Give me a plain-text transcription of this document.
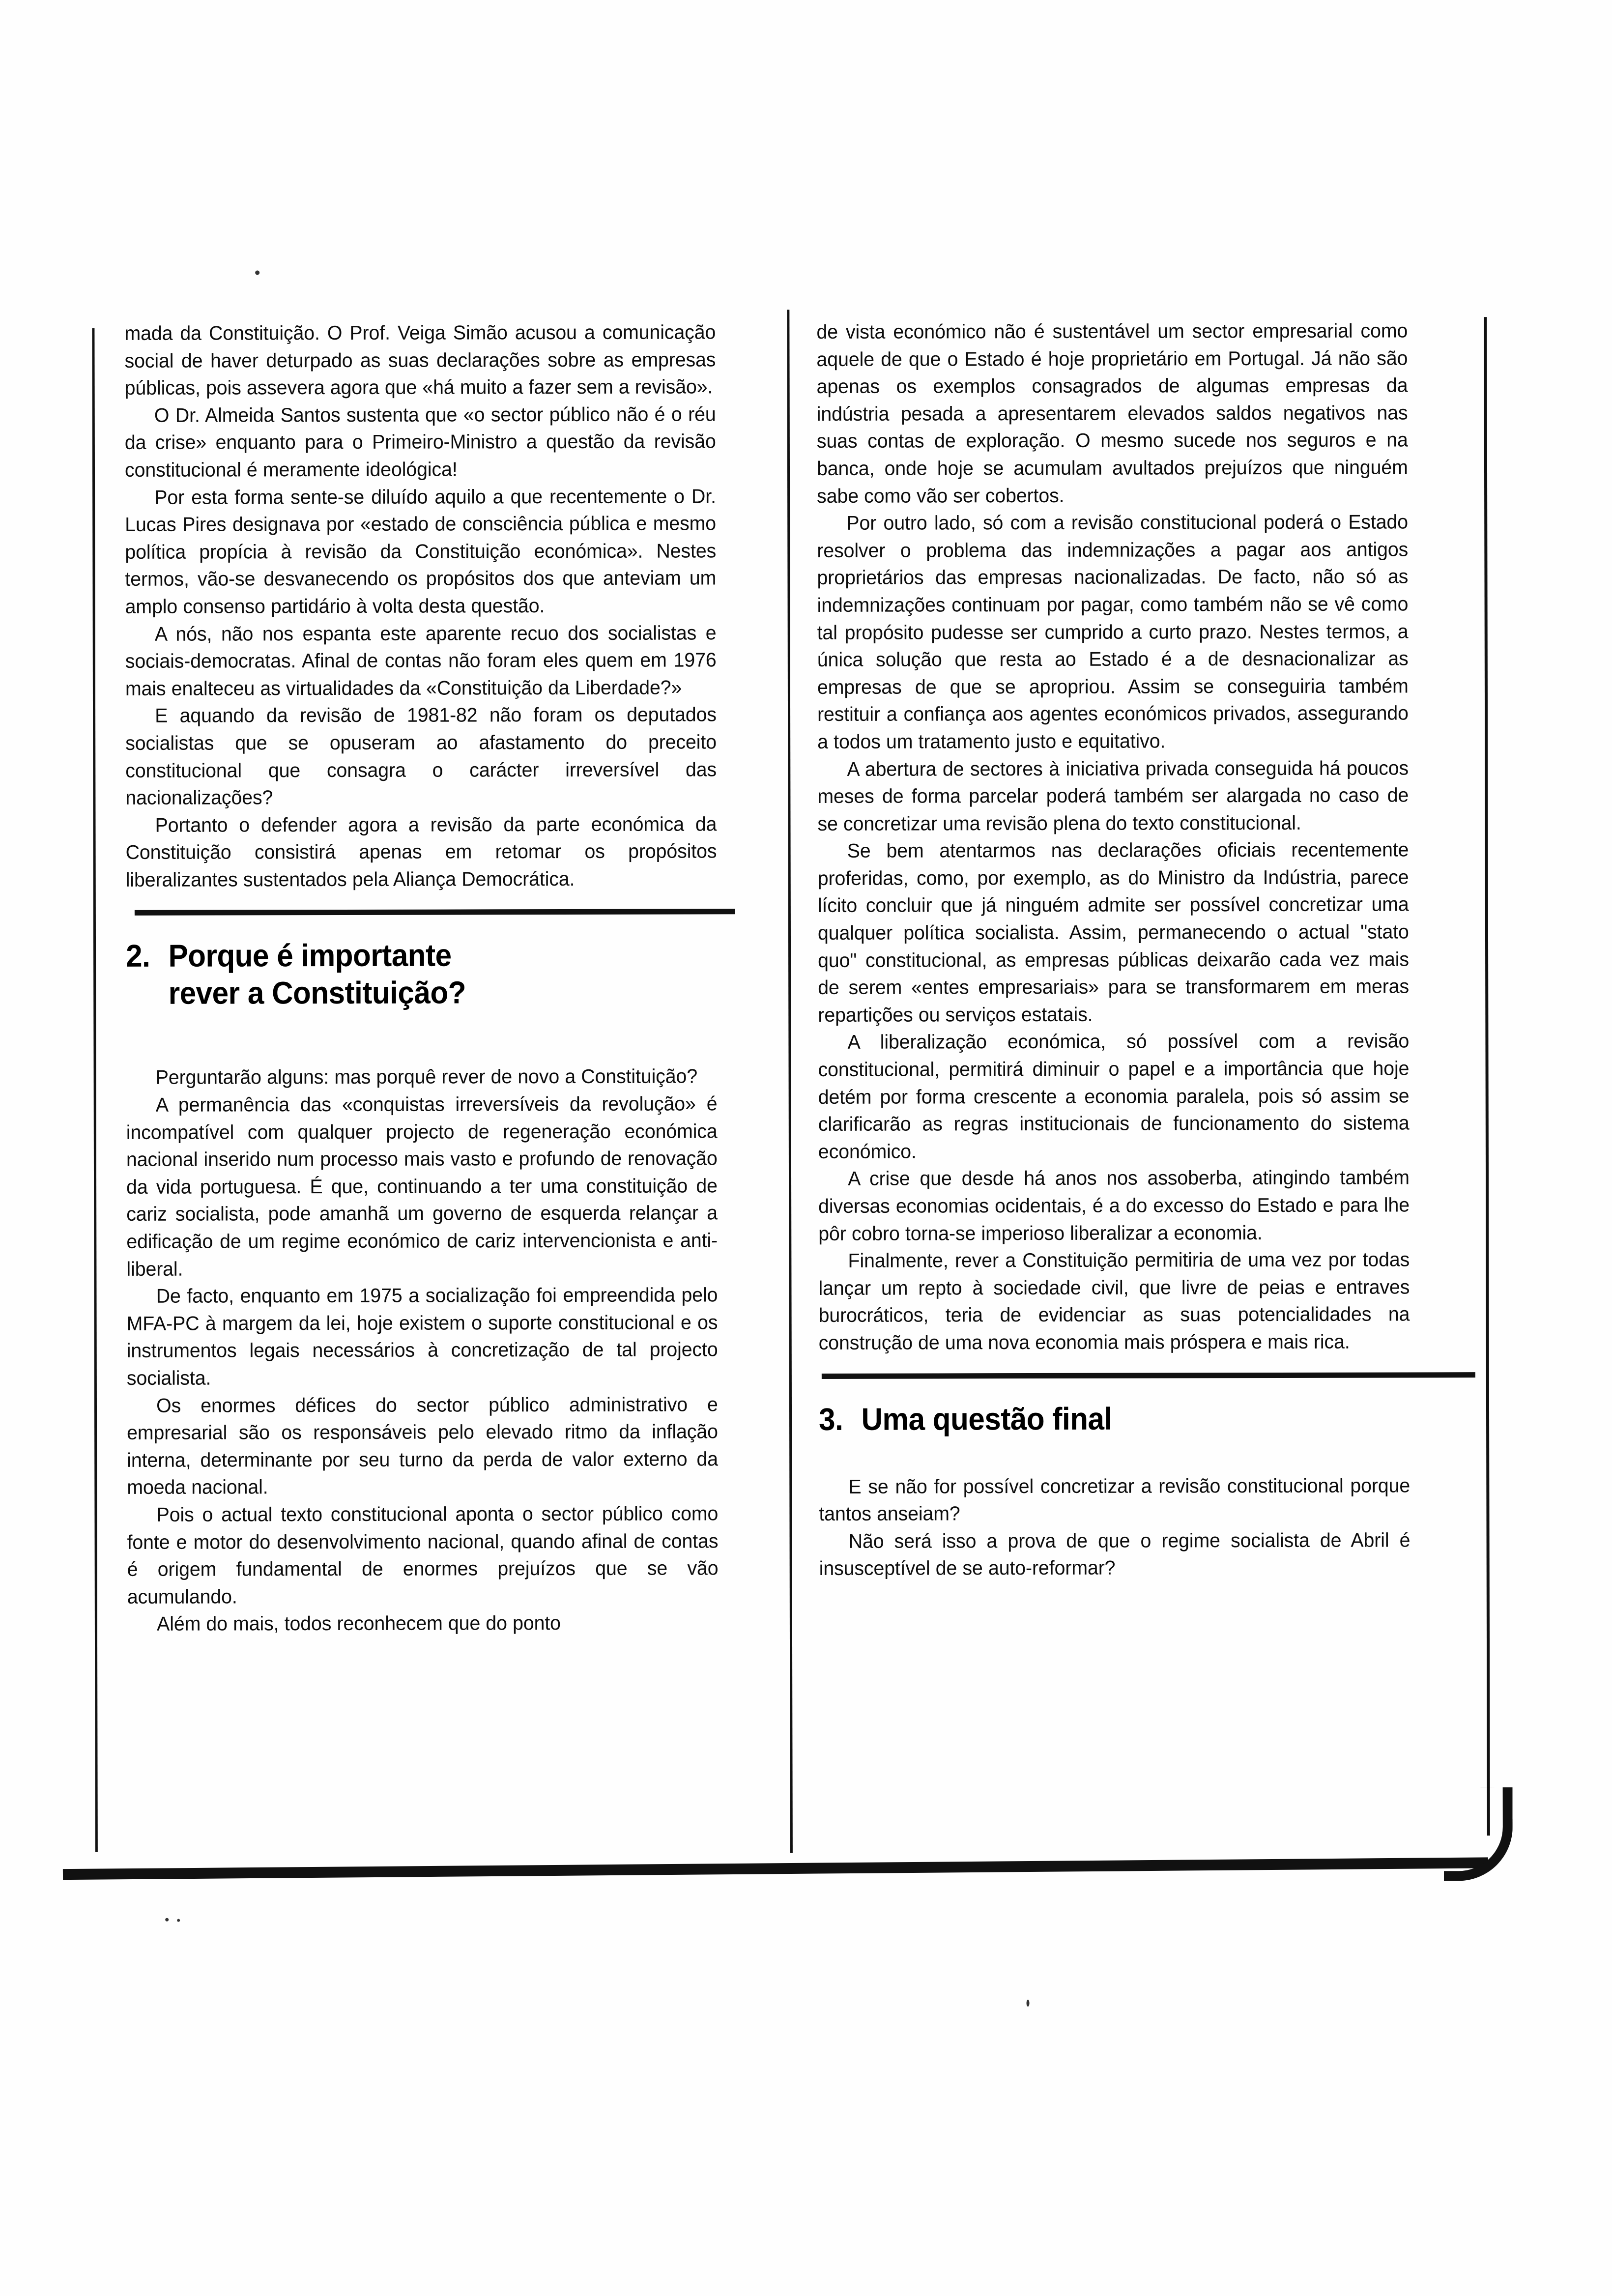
mada da Constituição. O Prof. Veiga Simão acusou a comunicação social de haver deturpado as suas declarações sobre as empresas públicas, pois assevera agora que «há muito a fazer sem a revisão».

O Dr. Almeida Santos sustenta que «o sector público não é o réu da crise» enquanto para o Primeiro-Ministro a questão da revisão constitucional é meramente ideológica!

Por esta forma sente-se diluído aquilo a que recentemente o Dr. Lucas Pires designava por «estado de consciência pública e mesmo política propícia à revisão da Constituição económica». Nestes termos, vão-se desvanecendo os propósitos dos que anteviam um amplo consenso partidário à volta desta questão.

A nós, não nos espanta este aparente recuo dos socialistas e sociais-democratas. Afinal de contas não foram eles quem em 1976 mais enalteceu as virtualidades da «Constituição da Liberdade?»

E aquando da revisão de 1981-82 não foram os deputados socialistas que se opuseram ao afastamento do preceito constitucional que consagra o carácter irreversível das nacionalizações?

Portanto o defender agora a revisão da parte económica da Constituição consistirá apenas em retomar os propósitos liberalizantes sustentados pela Aliança Democrática.

2. Porque é importante
rever a Constituição?

Perguntarão alguns: mas porquê rever de novo a Constituição?

A permanência das «conquistas irreversíveis da revolução» é incompatível com qualquer projecto de regeneração económica nacional inserido num processo mais vasto e profundo de renovação da vida portuguesa. É que, continuando a ter uma constituição de cariz socialista, pode amanhã um governo de esquerda relançar a edificação de um regime económico de cariz intervencionista e anti-liberal.

De facto, enquanto em 1975 a socialização foi empreendida pelo MFA-PC à margem da lei, hoje existem o suporte constitucional e os instrumentos legais necessários à concretização de tal projecto socialista.

Os enormes défices do sector público administrativo e empresarial são os responsáveis pelo elevado ritmo da inflação interna, determinante por seu turno da perda de valor externo da moeda nacional.

Pois o actual texto constitucional aponta o sector público como fonte e motor do desenvolvimento nacional, quando afinal de contas é origem fundamental de enormes prejuízos que se vão acumulando.

Além do mais, todos reconhecem que do ponto

de vista económico não é sustentável um sector empresarial como aquele de que o Estado é hoje proprietário em Portugal. Já não são apenas os exemplos consagrados de algumas empresas da indústria pesada a apresentarem elevados saldos negativos nas suas contas de exploração. O mesmo sucede nos seguros e na banca, onde hoje se acumulam avultados prejuízos que ninguém sabe como vão ser cobertos.

Por outro lado, só com a revisão constitucional poderá o Estado resolver o problema das indemnizações a pagar aos antigos proprietários das empresas nacionalizadas. De facto, não só as indemnizações continuam por pagar, como também não se vê como tal propósito pudesse ser cumprido a curto prazo. Nestes termos, a única solução que resta ao Estado é a de desnacionalizar as empresas de que se apropriou. Assim se conseguiria também restituir a confiança aos agentes económicos privados, assegurando a todos um tratamento justo e equitativo.

A abertura de sectores à iniciativa privada conseguida há poucos meses de forma parcelar poderá também ser alargada no caso de se concretizar uma revisão plena do texto constitucional.

Se bem atentarmos nas declarações oficiais recentemente proferidas, como, por exemplo, as do Ministro da Indústria, parece lícito concluir que já ninguém admite ser possível concretizar uma qualquer política socialista. Assim, permanecendo o actual "stato quo" constitucional, as empresas públicas deixarão cada vez mais de serem «entes empresariais» para se transformarem em meras repartições ou serviços estatais.

A liberalização económica, só possível com a revisão constitucional, permitirá diminuir o papel e a importância que hoje detém por forma crescente a economia paralela, pois só assim se clarificarão as regras institucionais de funcionamento do sistema económico.

A crise que desde há anos nos assoberba, atingindo também diversas economias ocidentais, é a do excesso do Estado e para lhe pôr cobro torna-se imperioso liberalizar a economia.

Finalmente, rever a Constituição permitiria de uma vez por todas lançar um repto à sociedade civil, que livre de peias e entraves burocráticos, teria de evidenciar as suas potencialidades na construção de uma nova economia mais próspera e mais rica.

3. Uma questão final

E se não for possível concretizar a revisão constitucional porque tantos anseiam?

Não será isso a prova de que o regime socialista de Abril é insusceptível de se auto-reformar?
